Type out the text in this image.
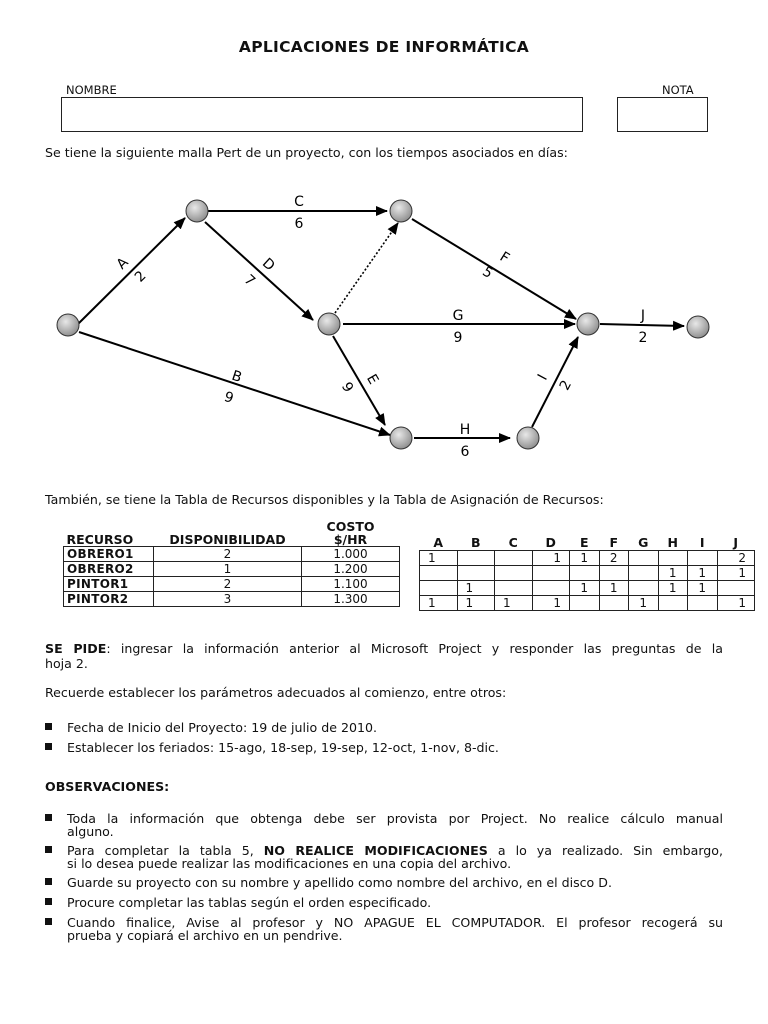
APLICACIONES DE INFORMÁTICA
NOMBRE	NOTA
Se tiene la siguiente malla Pert de un proyecto, con los tiempos asociados en días:
A
2
B
9
C
6
D
7
E
9
F
5
G
9
H
6
I
2
J
2
También, se tiene la Tabla de Recursos disponibles y la Tabla de Asignación de Recursos:
RECURSO	DISPONIBILIDAD	COSTO
$/HR

OBRERO1	2	1.000
OBRERO2	1	1.200
PINTOR1	2	1.100
PINTOR2	3	1.300
A	B	C	D	E	F	G	H	I	J
1			1	1	2				2
							1	1	1
	1			1	1		1	1	
1	1	1	1			1			1
SE PIDE: ingresar la información anterior al Microsoft Project y responder las preguntas de la
hoja 2.
Recuerde establecer los parámetros adecuados al comienzo, entre otros:
Fecha de Inicio del Proyecto: 19 de julio de 2010.
Establecer los feriados: 15-ago, 18-sep, 19-sep, 12-oct, 1-nov, 8-dic.
OBSERVACIONES:
Toda la información que obtenga debe ser provista por Project. No realice cálculo manual
alguno.
Para completar la tabla 5, NO REALICE MODIFICACIONES a lo ya realizado. Sin embargo,
si lo desea puede realizar las modificaciones en una copia del archivo.
Guarde su proyecto con su nombre y apellido como nombre del archivo, en el disco D.
Procure completar las tablas según el orden especificado.
Cuando finalice, Avise al profesor y NO APAGUE EL COMPUTADOR. El profesor recogerá su
prueba y copiará el archivo en un pendrive.
